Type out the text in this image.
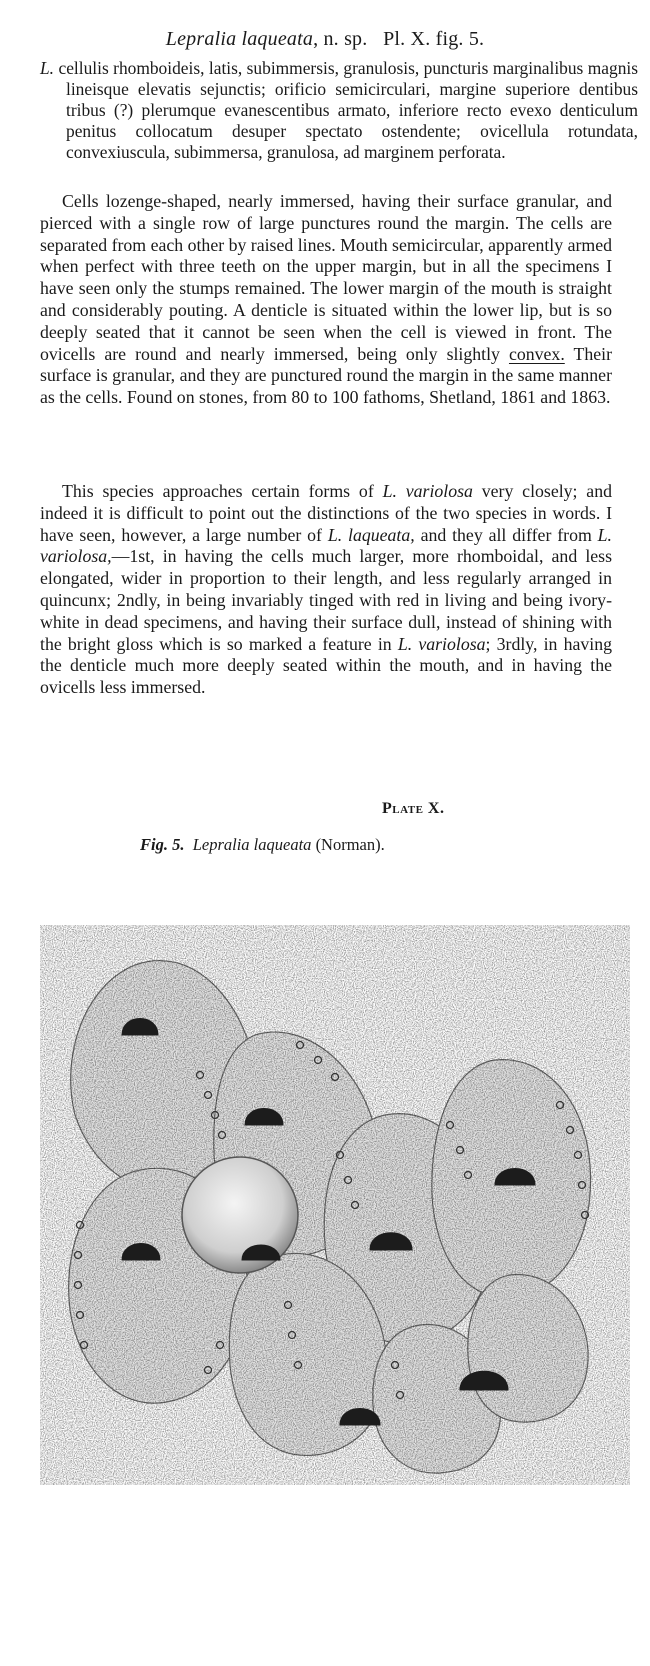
Lepralia laqueata, n. sp. Pl. X. fig. 5.
L. cellulis rhomboideis, latis, subimmersis, granulosis, puncturis marginalibus magnis lineisque elevatis sejunctis; orificio semicirculari, margine superiore dentibus tribus (?) plerumque evanescentibus armato, inferiore recto evexo denticulum penitus collocatum desuper spectato ostendente; ovicellula rotundata, convexiuscula, subimmersa, granulosa, ad marginem perforata.

Cells lozenge-shaped, nearly immersed, having their surface granular, and pierced with a single row of large punctures round the margin. The cells are separated from each other by raised lines. Mouth semicircular, apparently armed when perfect with three teeth on the upper margin, but in all the specimens I have seen only the stumps remained. The lower margin of the mouth is straight and considerably pouting. A denticle is situated within the lower lip, but is so deeply seated that it cannot be seen when the cell is viewed in front. The ovicells are round and nearly immersed, being only slightly convex. Their surface is granular, and they are punctured round the margin in the same manner as the cells. Found on stones, from 80 to 100 fathoms, Shetland, 1861 and 1863.

This species approaches certain forms of L. variolosa very closely; and indeed it is difficult to point out the distinctions of the two species in words. I have seen, however, a large number of L. laqueata, and they all differ from L. variolosa,—1st, in having the cells much larger, more rhomboidal, and less elongated, wider in proportion to their length, and less regularly arranged in quincunx; 2ndly, in being invariably tinged with red in living and being ivory-white in dead specimens, and having their surface dull, instead of shining with the bright gloss which is so marked a feature in L. variolosa; 3rdly, in having the denticle much more deeply seated within the mouth, and in having the ovicells less immersed.

Plate X.
Fig. 5. Lepralia laqueata (Norman).
